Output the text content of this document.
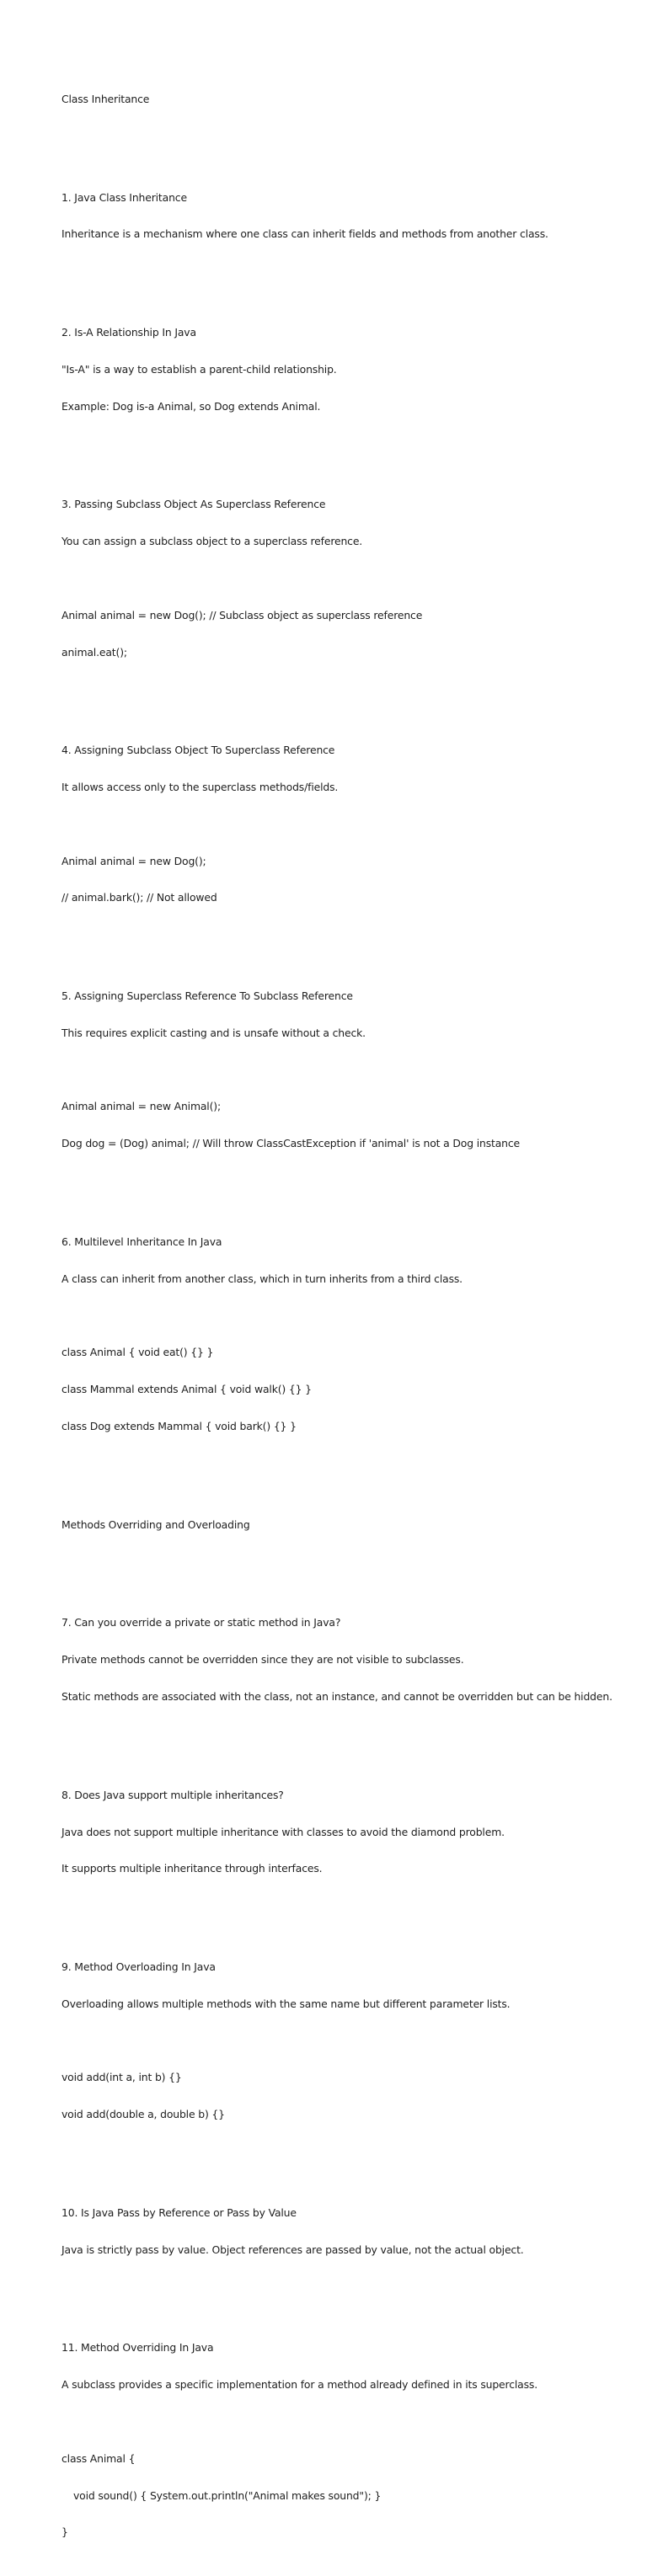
Class Inheritance

1. Java Class Inheritance

Inheritance is a mechanism where one class can inherit fields and methods from another class.

2. Is-A Relationship In Java

"Is-A" is a way to establish a parent-child relationship.

Example: Dog is-a Animal, so Dog extends Animal.

3. Passing Subclass Object As Superclass Reference

You can assign a subclass object to a superclass reference.

Animal animal = new Dog(); // Subclass object as superclass reference

animal.eat();

4. Assigning Subclass Object To Superclass Reference

It allows access only to the superclass methods/fields.

Animal animal = new Dog();

// animal.bark(); // Not allowed

5. Assigning Superclass Reference To Subclass Reference

This requires explicit casting and is unsafe without a check.

Animal animal = new Animal();

Dog dog = (Dog) animal; // Will throw ClassCastException if 'animal' is not a Dog instance

6. Multilevel Inheritance In Java

A class can inherit from another class, which in turn inherits from a third class.

class Animal { void eat() {} }

class Mammal extends Animal { void walk() {} }

class Dog extends Mammal { void bark() {} }

Methods Overriding and Overloading

7. Can you override a private or static method in Java?

Private methods cannot be overridden since they are not visible to subclasses.

Static methods are associated with the class, not an instance, and cannot be overridden but can be hidden.

8. Does Java support multiple inheritances?

Java does not support multiple inheritance with classes to avoid the diamond problem.

It supports multiple inheritance through interfaces.

9. Method Overloading In Java

Overloading allows multiple methods with the same name but different parameter lists.

void add(int a, int b) {}

void add(double a, double b) {}

10. Is Java Pass by Reference or Pass by Value

Java is strictly pass by value. Object references are passed by value, not the actual object.

11. Method Overriding In Java

A subclass provides a specific implementation for a method already defined in its superclass.

class Animal {

void sound() { System.out.println("Animal makes sound"); }

}
